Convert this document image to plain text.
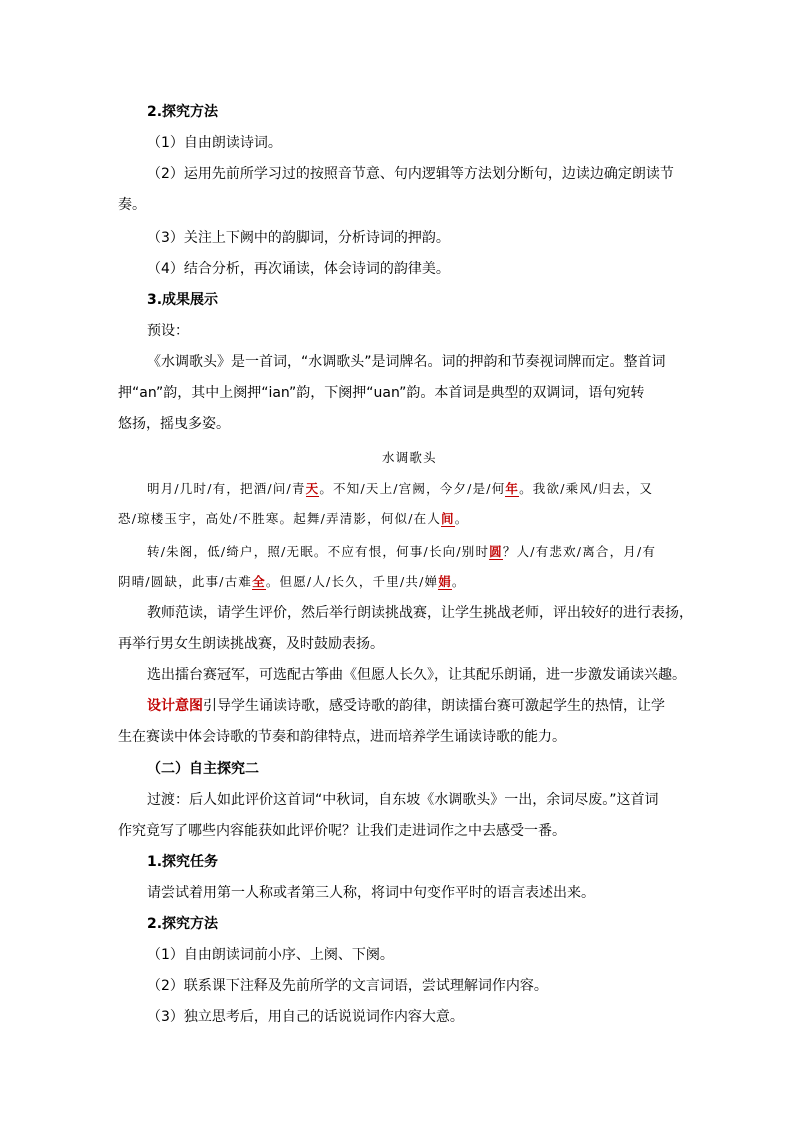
2.探究方法
（1）自由朗读诗词。
（2）运用先前所学习过的按照音节意、句内逻辑等方法划分断句，边读边确定朗读节
奏。
（3）关注上下阙中的韵脚词，分析诗词的押韵。
（4）结合分析，再次诵读，体会诗词的韵律美。
3.成果展示
预设：
《水调歌头》是一首词，“水调歌头”是词牌名。词的押韵和节奏视词牌而定。整首词
押“an”韵，其中上阕押“ian”韵，下阕押“uan”韵。本首词是典型的双调词，语句宛转
悠扬，摇曳多姿。
水调歌头
明月/几时/有，把酒/问/青天。不知/天上/宫阙，今夕/是/何年。我欲/乘风/归去，又
恐/琼楼玉宇，高处/不胜寒。起舞/弄清影，何似/在人间。
转/朱阁，低/绮户，照/无眠。不应有恨，何事/长向/别时圆？人/有悲欢/离合，月/有
阴晴/圆缺，此事/古难全。但愿/人/长久，千里/共/婵娟。
教师范读，请学生评价，然后举行朗读挑战赛，让学生挑战老师，评出较好的进行表扬，
再举行男女生朗读挑战赛，及时鼓励表扬。
选出擂台赛冠军，可选配古筝曲《但愿人长久》，让其配乐朗诵，进一步激发诵读兴趣。
设计意图引导学生诵读诗歌，感受诗歌的韵律，朗读擂台赛可激起学生的热情，让学
生在赛读中体会诗歌的节奏和韵律特点，进而培养学生诵读诗歌的能力。
（二）自主探究二
过渡：后人如此评价这首词“中秋词，自东坡《水调歌头》一出，余词尽废。”这首词
作究竟写了哪些内容能获如此评价呢？让我们走进词作之中去感受一番。
1.探究任务
请尝试着用第一人称或者第三人称，将词中句变作平时的语言表述出来。
2.探究方法
（1）自由朗读词前小序、上阕、下阕。
（2）联系课下注释及先前所学的文言词语，尝试理解词作内容。
（3）独立思考后，用自己的话说说词作内容大意。
